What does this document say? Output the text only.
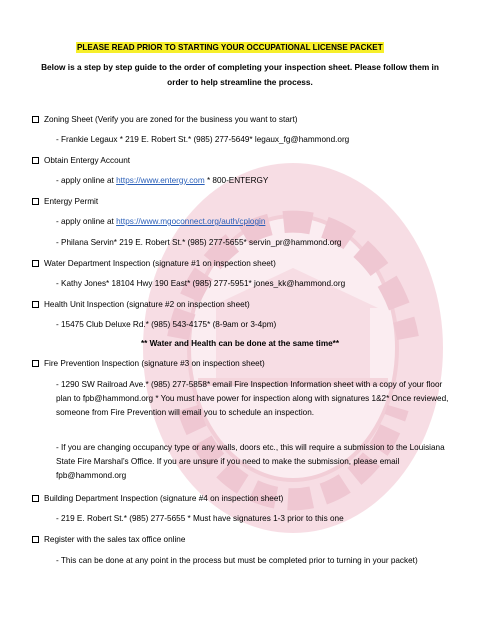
PLEASE READ PRIOR TO STARTING YOUR OCCUPATIONAL LICENSE PACKET
Below is a step by step guide to the order of completing your inspection sheet. Please follow them in order to help streamline the process.
Zoning Sheet (Verify you are zoned for the business you want to start)
- Frankie Legaux * 219 E. Robert St.* (985) 277-5649* legaux_fg@hammond.org
Obtain Entergy Account
- apply online at https://www.entergy.com * 800-ENTERGY
Entergy Permit
- apply online at https://www.mgoconnect.org/auth/cplogin
- Philana Servin* 219 E. Robert St.* (985) 277-5655* servin_pr@hammond.org
Water Department Inspection (signature #1 on inspection sheet)
- Kathy Jones* 18104 Hwy 190 East* (985) 277-5951* jones_kk@hammond.org
Health Unit Inspection (signature #2 on inspection sheet)
- 15475 Club Deluxe Rd.* (985) 543-4175* (8-9am or 3-4pm)
** Water and Health can be done at the same time**
Fire Prevention Inspection (signature #3 on inspection sheet)
- 1290 SW Railroad Ave.* (985) 277-5858* email Fire Inspection Information sheet with a copy of your floor plan to fpb@hammond.org * You must have power for inspection along with signatures 1&2* Once reviewed, someone from Fire Prevention will email you to schedule an inspection.
- If you are changing occupancy type or any walls, doors etc., this will require a submission to the Louisiana State Fire Marshal’s Office. If you are unsure if you need to make the submission, please email fpb@hammond.org
Building Department Inspection (signature #4 on inspection sheet)
- 219 E. Robert St.* (985) 277-5655 * Must have signatures 1-3 prior to this one
Register with the sales tax office online
- This can be done at any point in the process but must be completed prior to turning in your packet)
